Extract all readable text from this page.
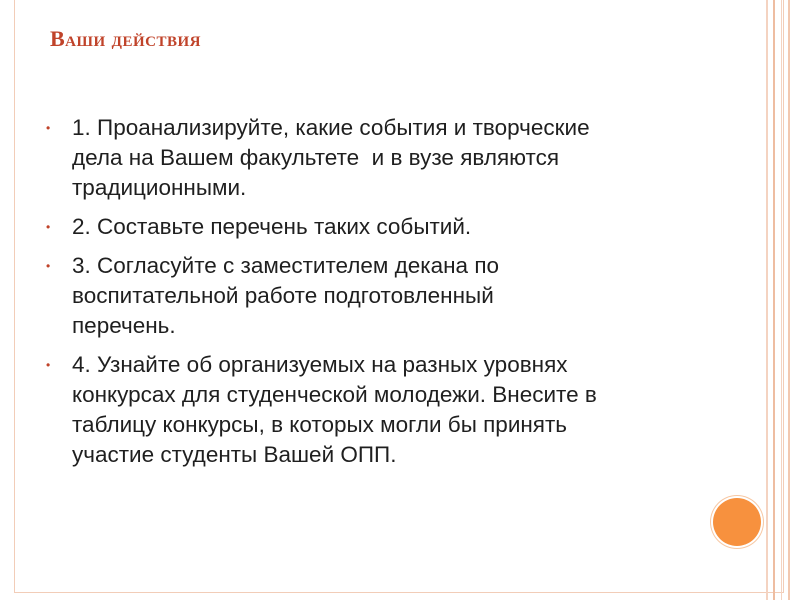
Ваши действия
• 1. Проанализируйте, какие события и творческие
дела на Вашем факультете  и в вузе являются
традиционными.
• 2. Составьте перечень таких событий.
• 3. Согласуйте с заместителем декана по
воспитательной работе подготовленный
перечень.
• 4. Узнайте об организуемых на разных уровнях
конкурсах для студенческой молодежи. Внесите в
таблицу конкурсы, в которых могли бы принять
участие студенты Вашей ОПП.
